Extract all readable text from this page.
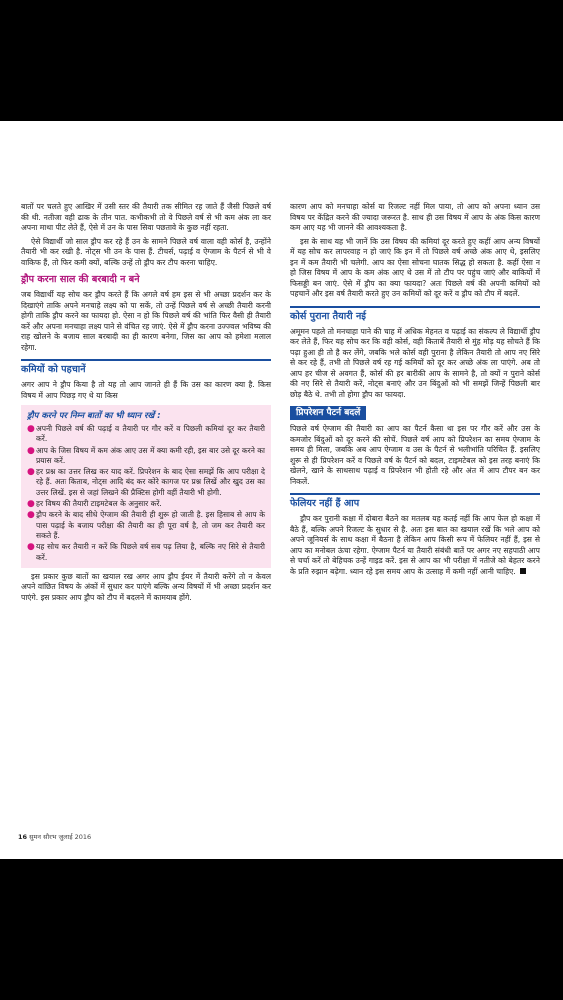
बातों पर चलते हुए आखिर में उसी स्तर की तैयारी तक सीमित रह जाते हैं जैसी पिछले वर्ष की थी. नतीजा वही ढाक के तीन पात. कभीकभी तो वे पिछले वर्ष से भी कम अंक ला कर अपना माथा पीट लेते हैं, ऐसे में उन के पास सिवा पछतावे के कुछ नहीं रहता.

ऐसे विद्यार्थी जो साल ड्रौप कर रहे हैं उन के सामने पिछले वर्ष वाला वही कोर्स है, उन्होंने तैयारी भी कर रखी है. नोट्स भी उन के पास हैं. टीचर्स, पढ़ाई व ऐग्जाम के पैटर्न से भी वे वाकिफ हैं, तो फिर कमी क्यों, बल्कि उन्हें तो ड्रौप कर टौप करना चाहिए.

ड्रौप करना साल की बरबादी न बने

जब विद्यार्थी यह सोच कर ड्रौप करते हैं कि अगले वर्ष हम इस से भी अच्छा प्रदर्शन कर के दिखाएंगे ताकि अपने मनचाहे लक्ष्य को पा सकें, तो उन्हें पिछले वर्ष से अच्छी तैयारी करनी होगी ताकि ड्रौप करने का फायदा हो. ऐसा न हो कि पिछले वर्ष की भांति फिर वैसी ही तैयारी करें और अपना मनचाहा लक्ष्य पाने से वंचित रह जाएं. ऐसे में ड्रौप करना उज्ज्वल भविष्य की राह खोलने के बजाय साल बरबादी का ही कारण बनेगा, जिस का आप को हमेशा मलाल रहेगा.

कमियों को पहचानें

अगर आप ने ड्रौप किया है तो यह तो आप जानते ही हैं कि उस का कारण क्या है. किस विषय में आप पिछड़ गए थे या किस

ड्रौप करने पर निम्न बातों का भी ध्यान रखें :
● अपनी पिछले वर्ष की पढ़ाई व तैयारी पर गौर करें व पिछली कमियां दूर कर तैयारी करें.
● आप के जिस विषय में कम अंक आए उस में क्या कमी रही, इस बार उसे दूर करने का प्रयास करें.
● हर प्रश्न का उत्तर लिख कर याद करें. प्रिपरेशन के बाद ऐसा समझें कि आप परीक्षा दे रहे हैं. अतः किताब, नोट्स आदि बंद कर कोरे कागज पर प्रश्न लिखें और खुद उस का उत्तर लिखें. इस से जहां लिखने की प्रैक्टिस होगी वहीं तैयारी भी होगी.
● हर विषय की तैयारी टाइमटेबल के अनुसार करें.
● ड्रौप करने के बाद सीधे ऐग्जाम की तैयारी ही शुरू हो जाती है. इस हिसाब से आप के पास पढ़ाई के बजाय परीक्षा की तैयारी का ही पूरा वर्ष है, तो जम कर तैयारी कर सकते हैं.
● यह सोच कर तैयारी न करें कि पिछले वर्ष सब पढ़ लिया है, बल्कि नए सिरे से तैयारी करें.

इस प्रकार कुछ बातों का खयाल रख अगर आप ड्रौप ईयर में तैयारी करेंगे तो न केवल अपने वांछित विषय के अंकों में सुधार कर पाएंगे बल्कि अन्य विषयों में भी अच्छा प्रदर्शन कर पाएंगे. इस प्रकार आप ड्रौप को टौप में बदलने में कामयाब होंगे.

कारण आप को मनचाहा कोर्स या रिजल्ट नहीं मिल पाया, तो आप को अपना ध्यान उस विषय पर केंद्रित करने की ज्यादा जरूरत है. साथ ही उस विषय में आप के अंक किस कारण कम आए यह भी जानने की आवश्यकता है.

इस के साथ यह भी जानें कि उस विषय की कमियां दूर करते हुए कहीं आप अन्य विषयों में यह सोच कर लापरवाह न हो जाएं कि इन में तो पिछले वर्ष अच्छे अंक आए थे, इसलिए इन में कम तैयारी भी चलेगी. आप का ऐसा सोचना घातक सिद्ध हो सकता है. कहीं ऐसा न हो जिस विषय में आप के कम अंक आए थे उस में तो टौप पर पहुंच जाएं और बाकियों में फिसड्डी बन जाएं. ऐसे में ड्रौप का क्या फायदा? अतः पिछले वर्ष की अपनी कमियों को पहचानें और इस वर्ष तैयारी करते हुए उन कमियों को दूर करें व ड्रौप को टौप में बदलें.

कोर्स पुराना तैयारी नई

अमूमन पहले तो मनचाहा पाने की चाह में अधिक मेहनत व पढ़ाई का संकल्प ले विद्यार्थी ड्रौप कर लेते हैं, फिर यह सोच कर कि वही कोर्स, वही किताबें तैयारी से मुंह मोड़ यह सोचते हैं कि पढ़ा हुआ ही तो है कर लेंगे, जबकि भले कोर्स वही पुराना है लेकिन तैयारी तो आप नए सिरे से कर रहे हैं, तभी तो पिछले वर्ष रह गई कमियों को दूर कर अच्छे अंक ला पाएंगे. अब तो आप हर चीज से अवगत हैं, कोर्स की हर बारीकी आप के सामने है, तो क्यों न पुराने कोर्स की नए सिरे से तैयारी करें, नोट्स बनाएं और उन बिंदुओं को भी समझें जिन्हें पिछली बार छोड़ बैठे थे. तभी तो होगा ड्रौप का फायदा.

प्रिपरेशन पैटर्न बदलें

पिछले वर्ष ऐग्जाम की तैयारी का आप का पैटर्न कैसा था इस पर गौर करें और उस के कमजोर बिंदुओं को दूर करने की सोचें. पिछले वर्ष आप को प्रिपरेशन का समय ऐग्जाम के समय ही मिला, जबकि अब आप ऐग्जाम व उस के पैटर्न से भलीभांति परिचित हैं. इसलिए शुरू से ही प्रिपरेशन करें व पिछले वर्ष के पैटर्न को बदल, टाइमटेबल को इस तरह बनाएं कि खेलने, खाने के साथसाथ पढ़ाई व प्रिपरेशन भी होती रहे और अंत में आप टौपर बन कर निकलें.

फेलियर नहीं हैं आप

ड्रौप कर पुरानी कक्षा में दोबारा बैठने का मतलब यह कतई नहीं कि आप फेल हो कक्षा में बैठे हैं, बल्कि अपने रिजल्ट के सुधार से है. अतः इस बात का खयाल रखें कि भले आप को अपने जूनियर्स के साथ कक्षा में बैठना है लेकिन आप किसी रूप में फेलियर नहीं हैं, इस से आप का मनोबल ऊंचा रहेगा. ऐग्जाम पैटर्न या तैयारी संबंधी बातें पर अगर नए सहपाठी आप से चर्चा करें तो बेहिचक उन्हें गाइड करें. इस से आप का भी परीक्षा में नतीजे को बेहतर करने के प्रति रुझान बढ़ेगा. ध्यान रहे इस समय आप के उत्साह में कमी नहीं आनी चाहिए.

16 सुमन सौरभ जुलाई 2016
